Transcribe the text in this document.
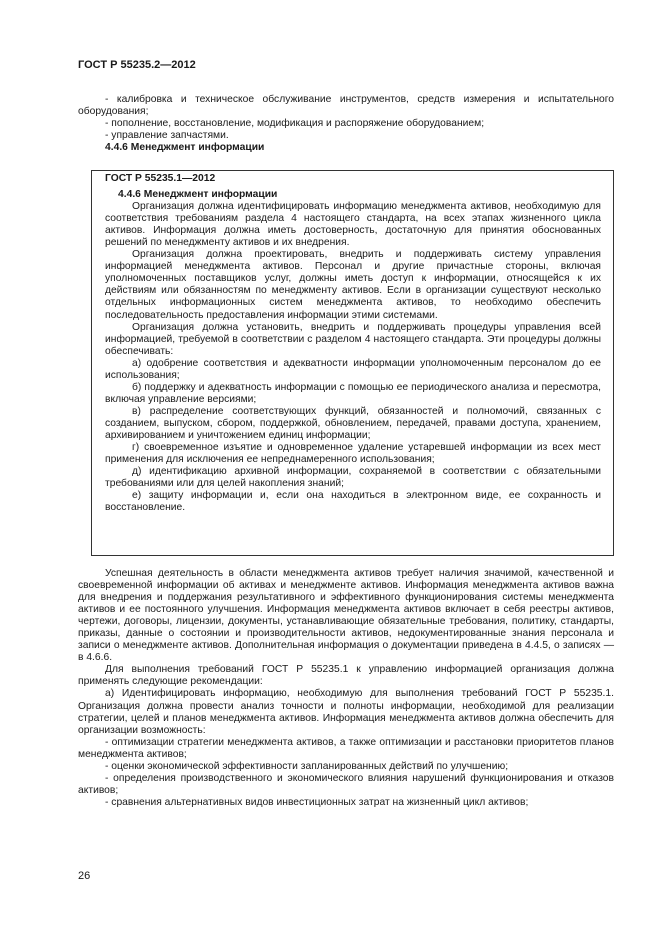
ГОСТ Р 55235.2—2012

- калибровка и техническое обслуживание инструментов, средств измерения и испытательного оборудования;

- пополнение, восстановление, модификация и распоряжение оборудованием;

- управление запчастями.

4.4.6 Менеджмент информации

ГОСТ Р 55235.1—2012

4.4.6 Менеджмент информации

Организация должна идентифицировать информацию менеджмента активов, необходимую для соответствия требованиям раздела 4 настоящего стандарта, на всех этапах жизненного цикла активов. Информация должна иметь достоверность, достаточную для принятия обоснованных решений по менеджменту активов и их внедрения.

Организация должна проектировать, внедрить и поддерживать систему управления информацией менеджмента активов. Персонал и другие причастные стороны, включая уполномоченных поставщиков услуг, должны иметь доступ к информации, относящейся к их действиям или обязанностям по менеджменту активов. Если в организации существуют несколько отдельных информационных систем менеджмента активов, то необходимо обеспечить последовательность предоставления информации этими системами.

Организация должна установить, внедрить и поддерживать процедуры управления всей информацией, требуемой в соответствии с разделом 4 настоящего стандарта. Эти процедуры должны обеспечивать:

а) одобрение соответствия и адекватности информации уполномоченным персоналом до ее использования;

б) поддержку и адекватность информации с помощью ее периодического анализа и пересмотра, включая управление версиями;

в) распределение соответствующих функций, обязанностей и полномочий, связанных с созданием, выпуском, сбором, поддержкой, обновлением, передачей, правами доступа, хранением, архивированием и уничтожением единиц информации;

г) своевременное изъятие и одновременное удаление устаревшей информации из всех мест применения для исключения ее непреднамеренного использования;

д) идентификацию архивной информации, сохраняемой в соответствии с обязательными требованиями или для целей накопления знаний;

е) защиту информации и, если она находиться в электронном виде, ее сохранность и восстановление.

Успешная деятельность в области менеджмента активов требует наличия значимой, качественной и своевременной информации об активах и менеджменте активов. Информация менеджмента активов важна для внедрения и поддержания результативного и эффективного функционирования системы менеджмента активов и ее постоянного улучшения. Информация менеджмента активов включает в себя реестры активов, чертежи, договоры, лицензии, документы, устанавливающие обязательные требования, политику, стандарты, приказы, данные о состоянии и производительности активов, недокументированные знания персонала и записи о менеджменте активов. Дополнительная информация о документации приведена в 4.4.5, о записях — в 4.6.6.

Для выполнения требований ГОСТ Р 55235.1 к управлению информацией организация должна применять следующие рекомендации:

а) Идентифицировать информацию, необходимую для выполнения требований ГОСТ Р 55235.1. Организация должна провести анализ точности и полноты информации, необходимой для реализации стратегии, целей и планов менеджмента активов. Информация менеджмента активов должна обеспечить для организации возможность:

- оптимизации стратегии менеджмента активов, а также оптимизации и расстановки приоритетов планов менеджмента активов;

- оценки экономической эффективности запланированных действий по улучшению;

- определения производственного и экономического влияния нарушений функционирования и отказов активов;

- сравнения альтернативных видов инвестиционных затрат на жизненный цикл активов;

26
